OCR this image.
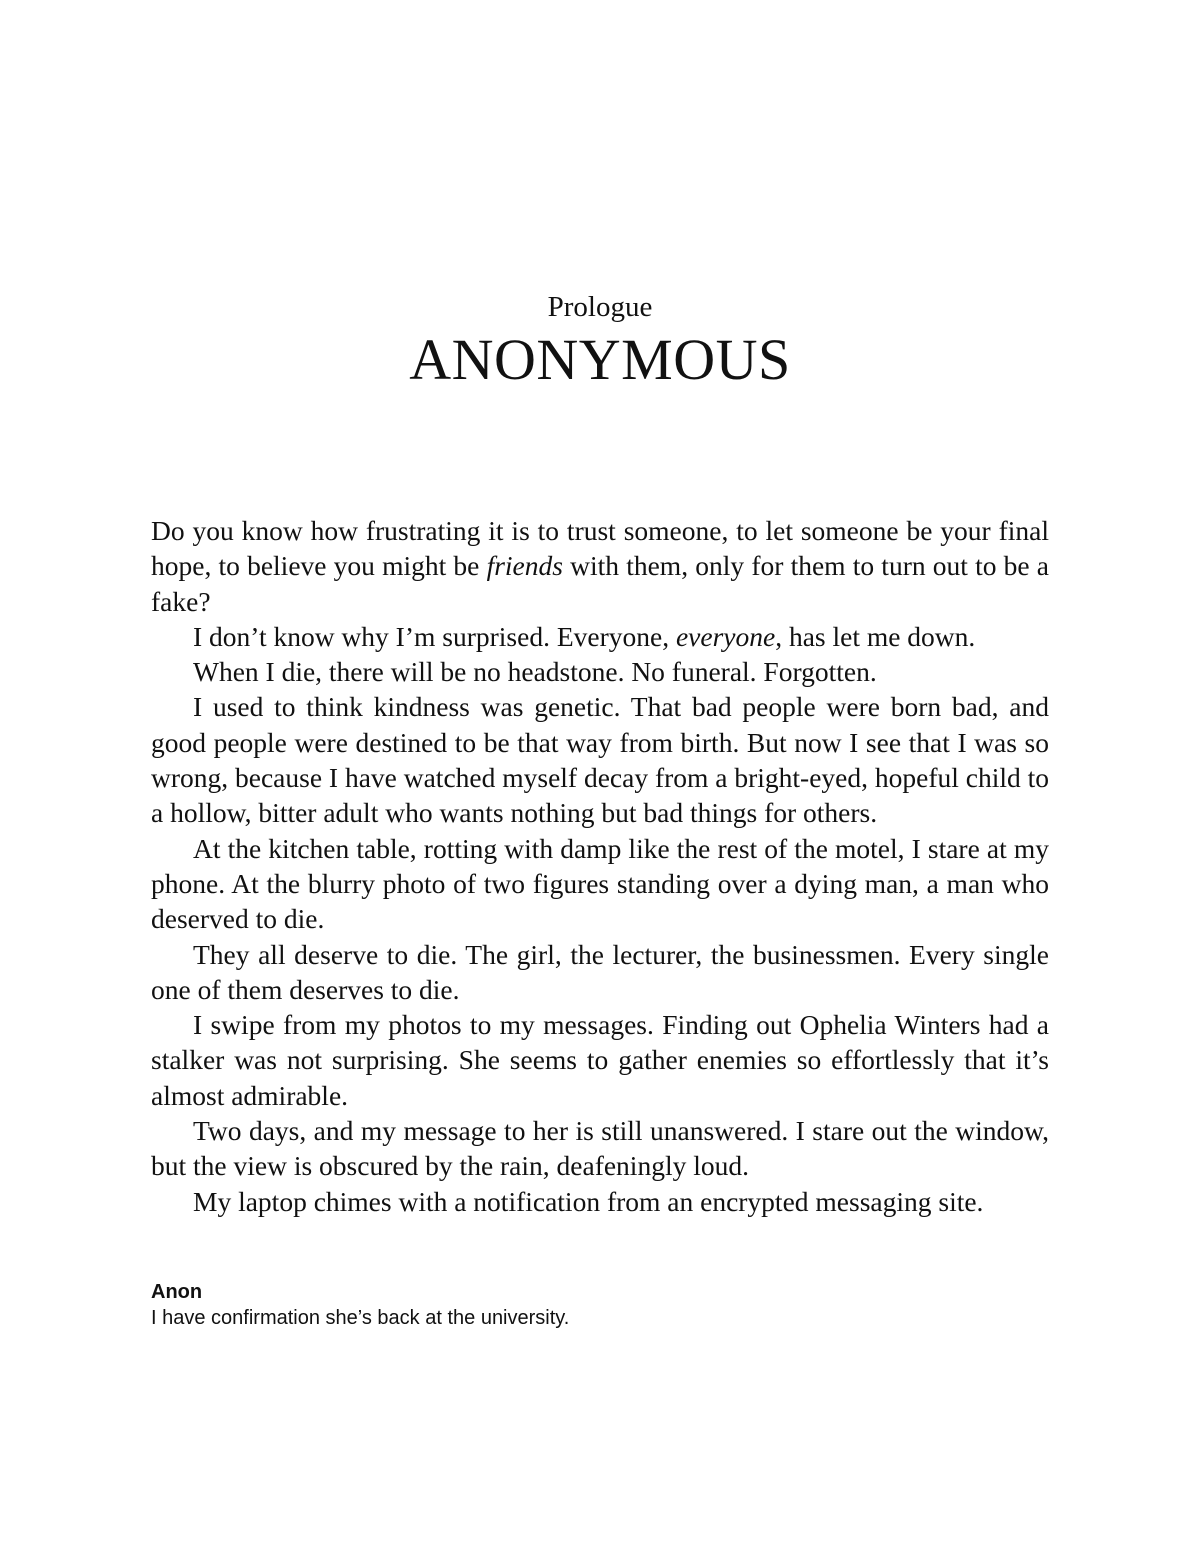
Prologue
ANONYMOUS

Do you know how frustrating it is to trust someone, to let someone be your final hope, to believe you might be friends with them, only for them to turn out to be a fake?

I don’t know why I’m surprised. Everyone, everyone, has let me down.

When I die, there will be no headstone. No funeral. Forgotten.

I used to think kindness was genetic. That bad people were born bad, and good people were destined to be that way from birth. But now I see that I was so wrong, because I have watched myself decay from a bright-eyed, hopeful child to a hollow, bitter adult who wants nothing but bad things for others.

At the kitchen table, rotting with damp like the rest of the motel, I stare at my phone. At the blurry photo of two figures standing over a dying man, a man who deserved to die.

They all deserve to die. The girl, the lecturer, the businessmen. Every single one of them deserves to die.

I swipe from my photos to my messages. Finding out Ophelia Winters had a stalker was not surprising. She seems to gather enemies so effortlessly that it’s almost admirable.

Two days, and my message to her is still unanswered. I stare out the window, but the view is obscured by the rain, deafeningly loud.

My laptop chimes with a notification from an encrypted messaging site.

Anon
I have confirmation she’s back at the university.
